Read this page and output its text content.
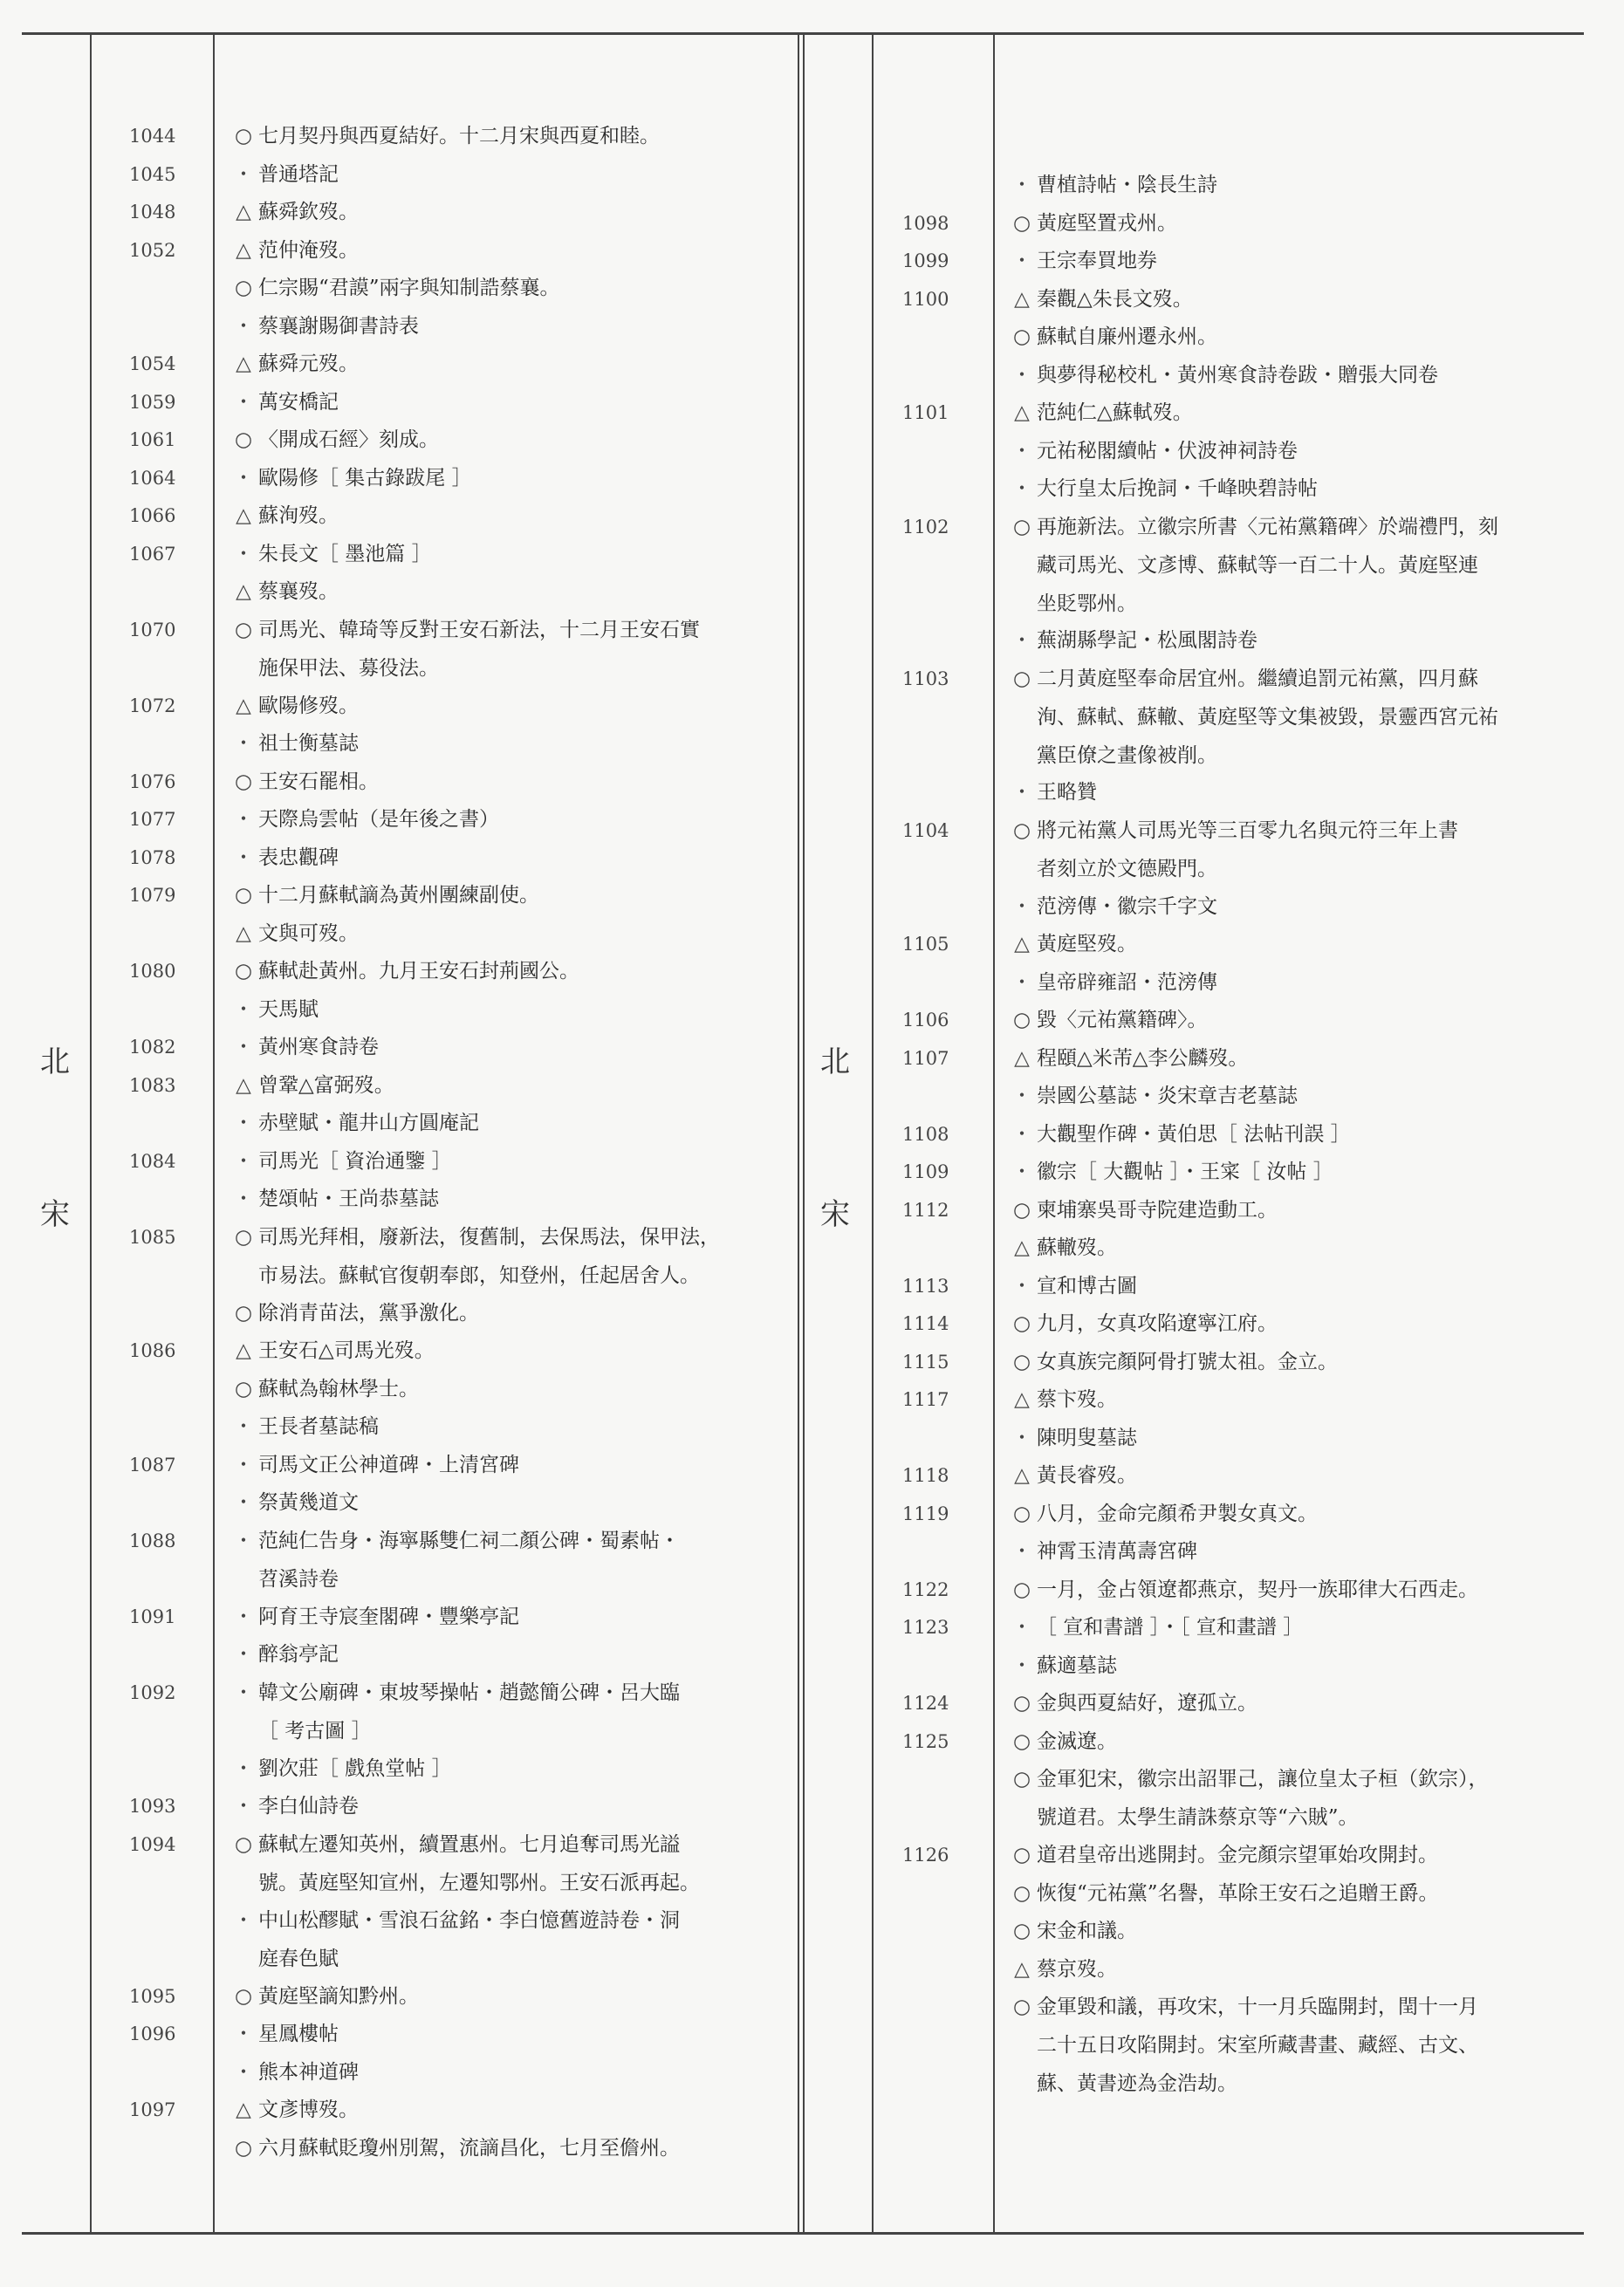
北
宋
北
宋
1044	○ 七月契丹與西夏結好。十二月宋與西夏和睦。
1045	・ 普通塔記
1048	△ 蘇舜欽歿。
1052	△ 范仲淹歿。
○ 仁宗賜“君謨”兩字與知制誥蔡襄。
・ 蔡襄謝賜御書詩表
1054	△ 蘇舜元歿。
1059	・ 萬安橋記
1061	○ 〈開成石經〉刻成。
1064	・ 歐陽修［ 集古錄跋尾 ］
1066	△ 蘇洵歿。
1067	・ 朱長文［ 墨池篇 ］
△ 蔡襄歿。
1070	○ 司馬光、韓琦等反對王安石新法，十二月王安石實
施保甲法、募役法。
1072	△ 歐陽修歿。
・ 祖士衡墓誌
1076	○ 王安石罷相。
1077	・ 天際烏雲帖（是年後之書）
1078	・ 表忠觀碑
1079	○ 十二月蘇軾謫為黃州團練副使。
△ 文與可歿。
1080	○ 蘇軾赴黃州。九月王安石封荊國公。
・ 天馬賦
1082	・ 黃州寒食詩卷
1083	△ 曾鞏△富弼歿。
・ 赤壁賦・龍井山方圓庵記
1084	・ 司馬光［ 資治通鑒 ］
・ 楚頌帖・王尚恭墓誌
1085	○ 司馬光拜相，廢新法，復舊制，去保馬法，保甲法，
市易法。蘇軾官復朝奉郎，知登州，任起居舍人。
○ 除消青苗法，黨爭激化。
1086	△ 王安石△司馬光歿。
○ 蘇軾為翰林學士。
・ 王長者墓誌稿
1087	・ 司馬文正公神道碑・上清宮碑
・ 祭黃幾道文
1088	・ 范純仁告身・海寧縣雙仁祠二顏公碑・蜀素帖・
苕溪詩卷
1091	・ 阿育王寺宸奎閣碑・豐樂亭記
・ 醉翁亭記
1092	・ 韓文公廟碑・東坡琴操帖・趙懿簡公碑・呂大臨
［ 考古圖 ］
・ 劉次莊［ 戲魚堂帖 ］
1093	・ 李白仙詩卷
1094	○ 蘇軾左遷知英州，續置惠州。七月追奪司馬光謚
號。黃庭堅知宣州，左遷知鄂州。王安石派再起。
・ 中山松醪賦・雪浪石盆銘・李白憶舊遊詩卷・洞
庭春色賦
1095	○ 黃庭堅謫知黔州。
1096	・ 星鳳樓帖
・ 熊本神道碑
1097	△ 文彥博歿。
○ 六月蘇軾貶瓊州別駕，流謫昌化，七月至儋州。
・ 曹植詩帖・陰長生詩
1098	○ 黃庭堅置戎州。
1099	・ 王宗奉買地券
1100	△ 秦觀△朱長文歿。
○ 蘇軾自廉州遷永州。
・ 與夢得秘校札・黃州寒食詩卷跋・贈張大同卷
1101	△ 范純仁△蘇軾歿。
・ 元祐秘閣續帖・伏波神祠詩卷
・ 大行皇太后挽詞・千峰映碧詩帖
1102	○ 再施新法。立徽宗所書〈元祐黨籍碑〉於端禮門，刻
藏司馬光、文彥博、蘇軾等一百二十人。黃庭堅連
坐貶鄂州。
・ 蕪湖縣學記・松風閣詩卷
1103	○ 二月黃庭堅奉命居宜州。繼續追罰元祐黨，四月蘇
洵、蘇軾、蘇轍、黃庭堅等文集被毀，景靈西宮元祐
黨臣僚之畫像被削。
・ 王略贊
1104	○ 將元祐黨人司馬光等三百零九名與元符三年上書
者刻立於文德殿門。
・ 范滂傳・徽宗千字文
1105	△ 黃庭堅歿。
・ 皇帝辟雍詔・范滂傳
1106	○ 毀〈元祐黨籍碑〉。
1107	△ 程頤△米芾△李公麟歿。
・ 崇國公墓誌・炎宋章吉老墓誌
1108	・ 大觀聖作碑・黃伯思［ 法帖刊誤 ］
1109	・ 徽宗［ 大觀帖 ］・王寀［ 汝帖 ］
1112	○ 柬埔寨吳哥寺院建造動工。
△ 蘇轍歿。
1113	・ 宣和博古圖
1114	○ 九月，女真攻陷遼寧江府。
1115	○ 女真族完顏阿骨打號太祖。金立。
1117	△ 蔡卞歿。
・ 陳明叟墓誌
1118	△ 黃長睿歿。
1119	○ 八月，金命完顏希尹製女真文。
・ 神霄玉清萬壽宮碑
1122	○ 一月，金占領遼都燕京，契丹一族耶律大石西走。
1123	・ ［ 宣和書譜 ］・［ 宣和畫譜 ］
・ 蘇適墓誌
1124	○ 金與西夏結好，遼孤立。
1125	○ 金滅遼。
○ 金軍犯宋，徽宗出詔罪己，讓位皇太子桓（欽宗），
號道君。太學生請誅蔡京等“六賊”。
1126	○ 道君皇帝出逃開封。金完顏宗望軍始攻開封。
○ 恢復“元祐黨”名譽，革除王安石之追贈王爵。
○ 宋金和議。
△ 蔡京歿。
○ 金軍毀和議，再攻宋，十一月兵臨開封，閏十一月
二十五日攻陷開封。宋室所藏書畫、藏經、古文、
蘇、黃書迹為金浩劫。
